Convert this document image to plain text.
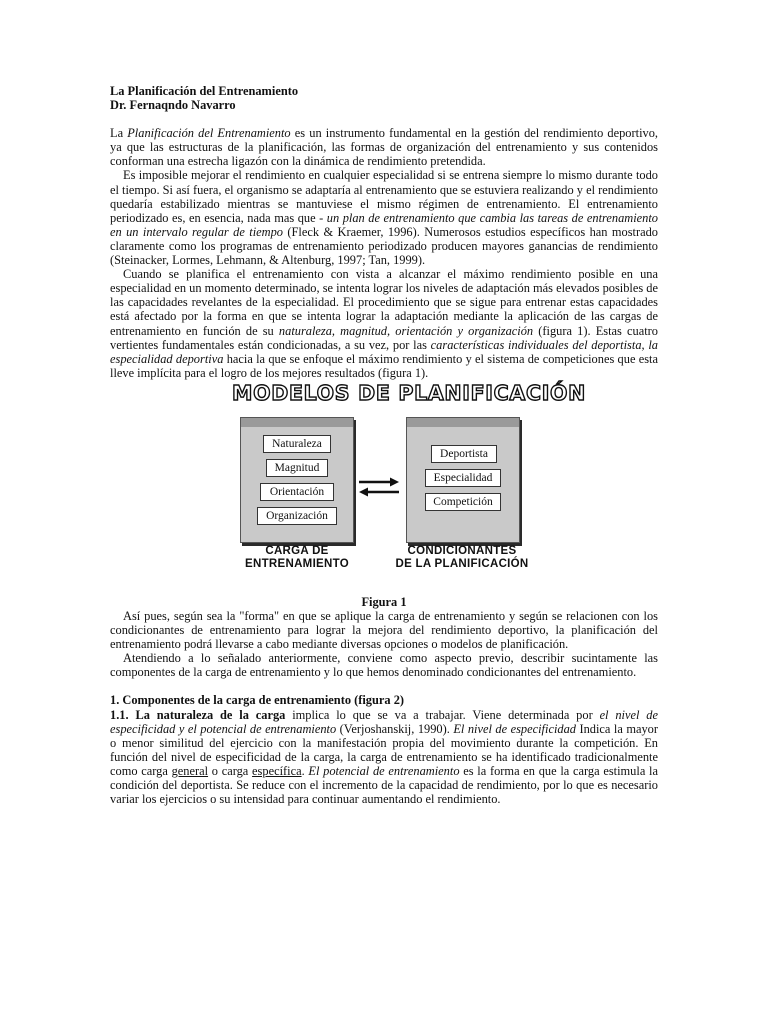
La Planificación del Entrenamiento

Dr. Fernaqndo Navarro

La Planificación del Entrenamiento es un instrumento fundamental en la gestión del rendimiento deportivo, ya que las estructuras de la planificación, las formas de organización del entrenamiento y sus contenidos conforman una estrecha ligazón con la dinámica de rendimiento pretendida.

Es imposible mejorar el rendimiento en cualquier especialidad si se entrena siempre lo mismo durante todo el tiempo. Si así fuera, el organismo se adaptaría al entrenamiento que se estuviera realizando y el rendimiento quedaría estabilizado mientras se mantuviese el mismo régimen de entrenamiento. El entrenamiento periodizado es, en esencia, nada mas que - un plan de entrenamiento que cambia las tareas de entrenamiento en un intervalo regular de tiempo (Fleck & Kraemer, 1996). Numerosos estudios específicos han mostrado claramente como los programas de entrenamiento periodizado producen mayores ganancias de rendimiento (Steinacker, Lormes, Lehmann, & Altenburg, 1997; Tan, 1999).

Cuando se planifica el entrenamiento con vista a alcanzar el máximo rendimiento posible en una especialidad en un momento determinado, se intenta lograr los niveles de adaptación más elevados posibles de las capacidades revelantes de la especialidad. El procedimiento que se sigue para entrenar estas capacidades está afectado por la forma en que se intenta lograr la adaptación mediante la aplicación de las cargas de entrenamiento en función de su naturaleza, magnitud, orientación y organización (figura 1). Estas cuatro vertientes fundamentales están condicionadas, a su vez, por las características individuales del deportista, la especialidad deportiva hacia la que se enfoque el máximo rendimiento y el sistema de competiciones que esta lleve implícita para el logro de los mejores resultados (figura 1).

MODELOS DE PLANIFICACIÓN
Naturaleza
Magnitud
Orientación
Organización
Deportista
Especialidad
Competición
CARGA DE
ENTRENAMIENTO
CONDICIONANTES
DE LA PLANIFICACIÓN

Figura 1

Así pues, según sea la "forma" en que se aplique la carga de entrenamiento y según se relacionen con los condicionantes de entrenamiento para lograr la mejora del rendimiento deportivo, la planificación del entrenamiento podrá llevarse a cabo mediante diversas opciones o modelos de planificación.

Atendiendo a lo señalado anteriormente, conviene como aspecto previo, describir sucintamente las componentes de la carga de entrenamiento y lo que hemos denominado condicionantes del entrenamiento.

1. Componentes de la carga de entrenamiento (figura 2)

1.1. La naturaleza de la carga implica lo que se va a trabajar. Viene determinada por el nivel de especificidad y el potencial de entrenamiento (Verjoshanskij, 1990). El nivel de especificidad Indica la mayor o menor similitud del ejercicio con la manifestación propia del movimiento durante la competición. En función del nivel de especificidad de la carga, la carga de entrenamiento se ha identificado tradicionalmente como carga general o carga específica. El potencial de entrenamiento es la forma en que la carga estimula la condición del deportista. Se reduce con el incremento de la capacidad de rendimiento, por lo que es necesario variar los ejercicios o su intensidad para continuar aumentando el rendimiento.
